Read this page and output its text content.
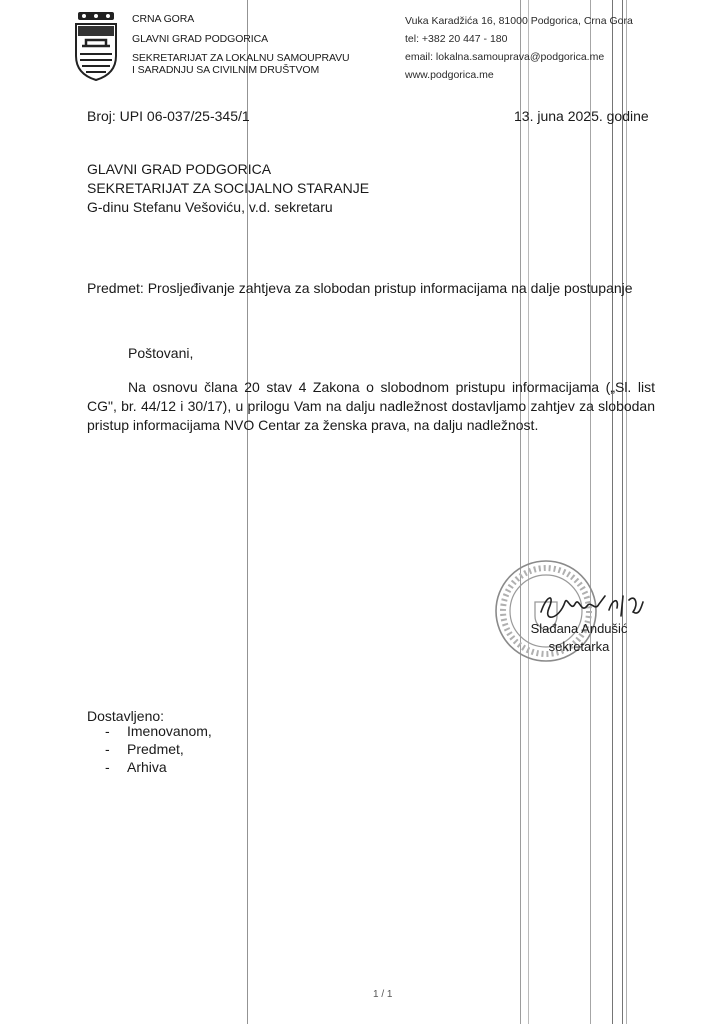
CRNA GORA
GLAVNI GRAD PODGORICA
SEKRETARIJAT ZA LOKALNU SAMOUPRAVU
I SARADNJU SA CIVILNIM DRUŠTVOM
Vuka Karadžića 16, 81000 Podgorica, Crna Gora
tel: +382 20 447 - 180
email: lokalna.samouprava@podgorica.me
www.podgorica.me
Broj: UPI 06-037/25-345/1	13. juna 2025. godine
GLAVNI GRAD PODGORICA
SEKRETARIJAT ZA SOCIJALNO STARANJE
G-dinu Stefanu Vešoviću, v.d. sekretaru
Predmet: Prosljeđivanje zahtjeva za slobodan pristup informacijama na dalje postupanje
Poštovani,

Na osnovu člana 20 stav 4 Zakona o slobodnom pristupu informacijama („Sl. list CG", br. 44/12 i 30/17), u prilogu Vam na dalju nadležnost dostavljamo zahtjev za slobodan pristup informacijama NVO Centar za ženska prava, na dalju nadležnost.

Slađana Andušić
sekretarka
Dostavljeno:
- Imenovanom,
- Predmet,
- Arhiva
1 / 1
